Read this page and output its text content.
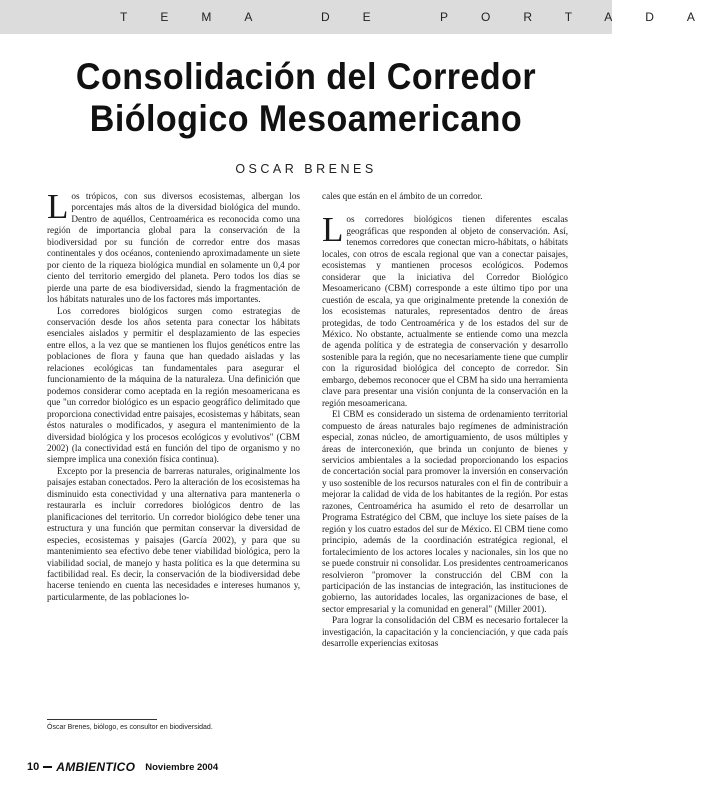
TEMA DE PORTADA
Consolidación del Corredor
Biólogico Mesoamericano
OSCAR BRENES

Los trópicos, con sus diversos ecosistemas, albergan los porcentajes más altos de la diversidad biológica del mundo. Dentro de aquéllos, Centroamérica es reconocida como una región de importancia global para la conservación de la biodiversidad por su función de corredor entre dos masas continentales y dos océanos, conteniendo aproximadamente un siete por ciento de la riqueza biológica mundial en solamente un 0,4 por ciento del territorio emergido del planeta. Pero todos los días se pierde una parte de esa biodiversidad, siendo la fragmentación de los hábitats naturales uno de los factores más importantes.

Los corredores biológicos surgen como estrategias de conservación desde los años setenta para conectar los hábitats esenciales aislados y permitir el desplazamiento de las especies entre ellos, a la vez que se mantienen los flujos genéticos entre las poblaciones de flora y fauna que han quedado aisladas y las relaciones ecológicas tan fundamentales para asegurar el funcionamiento de la máquina de la naturaleza. Una definición que podemos considerar como aceptada en la región mesoamericana es que "un corredor biológico es un espacio geográfico delimitado que proporciona conectividad entre paisajes, ecosistemas y hábitats, sean éstos naturales o modificados, y asegura el mantenimiento de la diversidad biológica y los procesos ecológicos y evolutivos" (CBM 2002) (la conectividad está en función del tipo de organismo y no siempre implica una conexión física continua).

Excepto por la presencia de barreras naturales, originalmente los paisajes estaban conectados. Pero la alteración de los ecosistemas ha disminuido esta conectividad y una alternativa para mantenerla o restaurarla es incluir corredores biológicos dentro de las planificaciones del territorio. Un corredor biológico debe tener una estructura y una función que permitan conservar la diversidad de especies, ecosistemas y paisajes (García 2002), y para que su mantenimiento sea efectivo debe tener viabilidad biológica, pero la viabilidad social, de manejo y hasta política es la que determina su factibilidad real. Es decir, la conservación de la biodiversidad debe hacerse teniendo en cuenta las necesidades e intereses humanos y, particularmente, de las poblaciones lo-

cales que están en el ámbito de un corredor.

Los corredores biológicos tienen diferentes escalas geográficas que responden al objeto de conservación. Así, tenemos corredores que conectan micro-hábitats, o hábitats locales, con otros de escala regional que van a conectar paisajes, ecosistemas y mantienen procesos ecológicos. Podemos considerar que la iniciativa del Corredor Biológico Mesoamericano (CBM) corresponde a este último tipo por una cuestión de escala, ya que originalmente pretende la conexión de los ecosistemas naturales, representados dentro de áreas protegidas, de todo Centroamérica y de los estados del sur de México. No obstante, actualmente se entiende como una mezcla de agenda política y de estrategia de conservación y desarrollo sostenible para la región, que no necesariamente tiene que cumplir con la rigurosidad biológica del concepto de corredor. Sin embargo, debemos reconocer que el CBM ha sido una herramienta clave para presentar una visión conjunta de la conservación en la región mesoamericana.

El CBM es considerado un sistema de ordenamiento territorial compuesto de áreas naturales bajo regímenes de administración especial, zonas núcleo, de amortiguamiento, de usos múltiples y áreas de interconexión, que brinda un conjunto de bienes y servicios ambientales a la sociedad proporcionando los espacios de concertación social para promover la inversión en conservación y uso sostenible de los recursos naturales con el fin de contribuir a mejorar la calidad de vida de los habitantes de la región. Por estas razones, Centroamérica ha asumido el reto de desarrollar un Programa Estratégico del CBM, que incluye los siete países de la región y los cuatro estados del sur de México. El CBM tiene como principio, además de la coordinación estratégica regional, el fortalecimiento de los actores locales y nacionales, sin los que no se puede construir ni consolidar. Los presidentes centroamericanos resolvieron "promover la construcción del CBM con la participación de las instancias de integración, las instituciones de gobierno, las autoridades locales, las organizaciones de base, el sector empresarial y la comunidad en general" (Miller 2001).

Para lograr la consolidación del CBM es necesario fortalecer la investigación, la capacitación y la concienciación, y que cada país desarrolle experiencias exitosas

Óscar Brenes, biólogo, es consultor en biodiversidad.
10 AMBIENTICO Noviembre 2004
